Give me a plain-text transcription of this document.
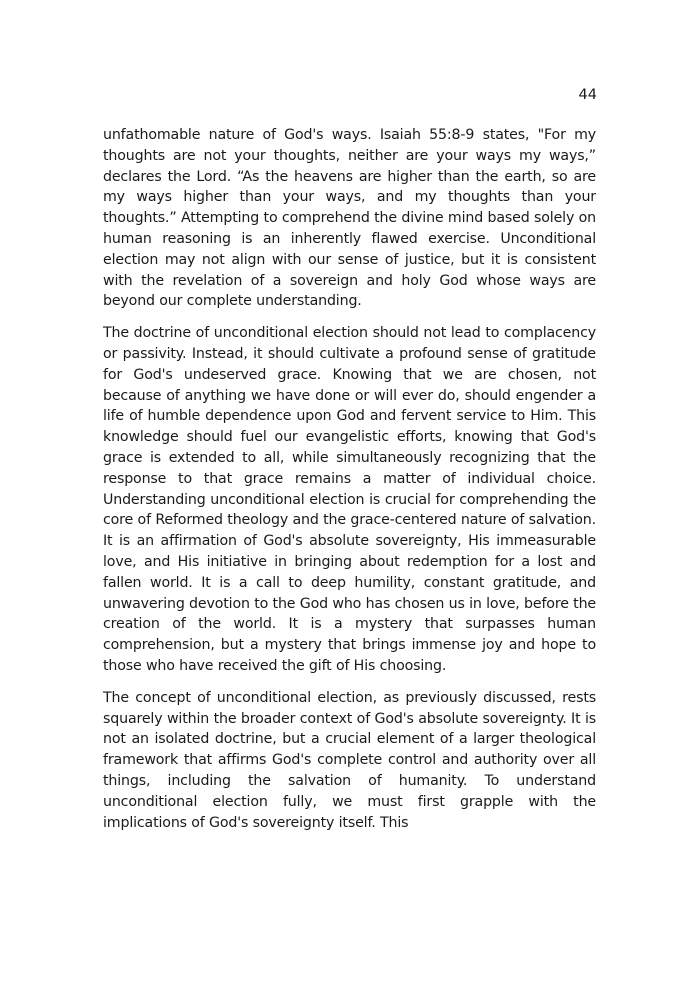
44

unfathomable nature of God's ways. Isaiah 55:8-9 states, "For my thoughts are not your thoughts, neither are your ways my ways,” declares the Lord. “As the heavens are higher than the earth, so are my ways higher than your ways, and my thoughts than your thoughts.” Attempting to comprehend the divine mind based solely on human reasoning is an inherently flawed exercise. Unconditional election may not align with our sense of justice, but it is consistent with the revelation of a sovereign and holy God whose ways are beyond our complete understanding.

The doctrine of unconditional election should not lead to complacency or passivity. Instead, it should cultivate a profound sense of gratitude for God's undeserved grace. Knowing that we are chosen, not because of anything we have done or will ever do, should engender a life of humble dependence upon God and fervent service to Him. This knowledge should fuel our evangelistic efforts, knowing that God's grace is extended to all, while simultaneously recognizing that the response to that grace remains a matter of individual choice. Understanding unconditional election is crucial for comprehending the core of Reformed theology and the grace-centered nature of salvation. It is an affirmation of God's absolute sovereignty, His immeasurable love, and His initiative in bringing about redemption for a lost and fallen world. It is a call to deep humility, constant gratitude, and unwavering devotion to the God who has chosen us in love, before the creation of the world. It is a mystery that surpasses human comprehension, but a mystery that brings immense joy and hope to those who have received the gift of His choosing.

The concept of unconditional election, as previously discussed, rests squarely within the broader context of God's absolute sovereignty. It is not an isolated doctrine, but a crucial element of a larger theological framework that affirms God's complete control and authority over all things, including the salvation of humanity. To understand unconditional election fully, we must first grapple with the implications of God's sovereignty itself. This
